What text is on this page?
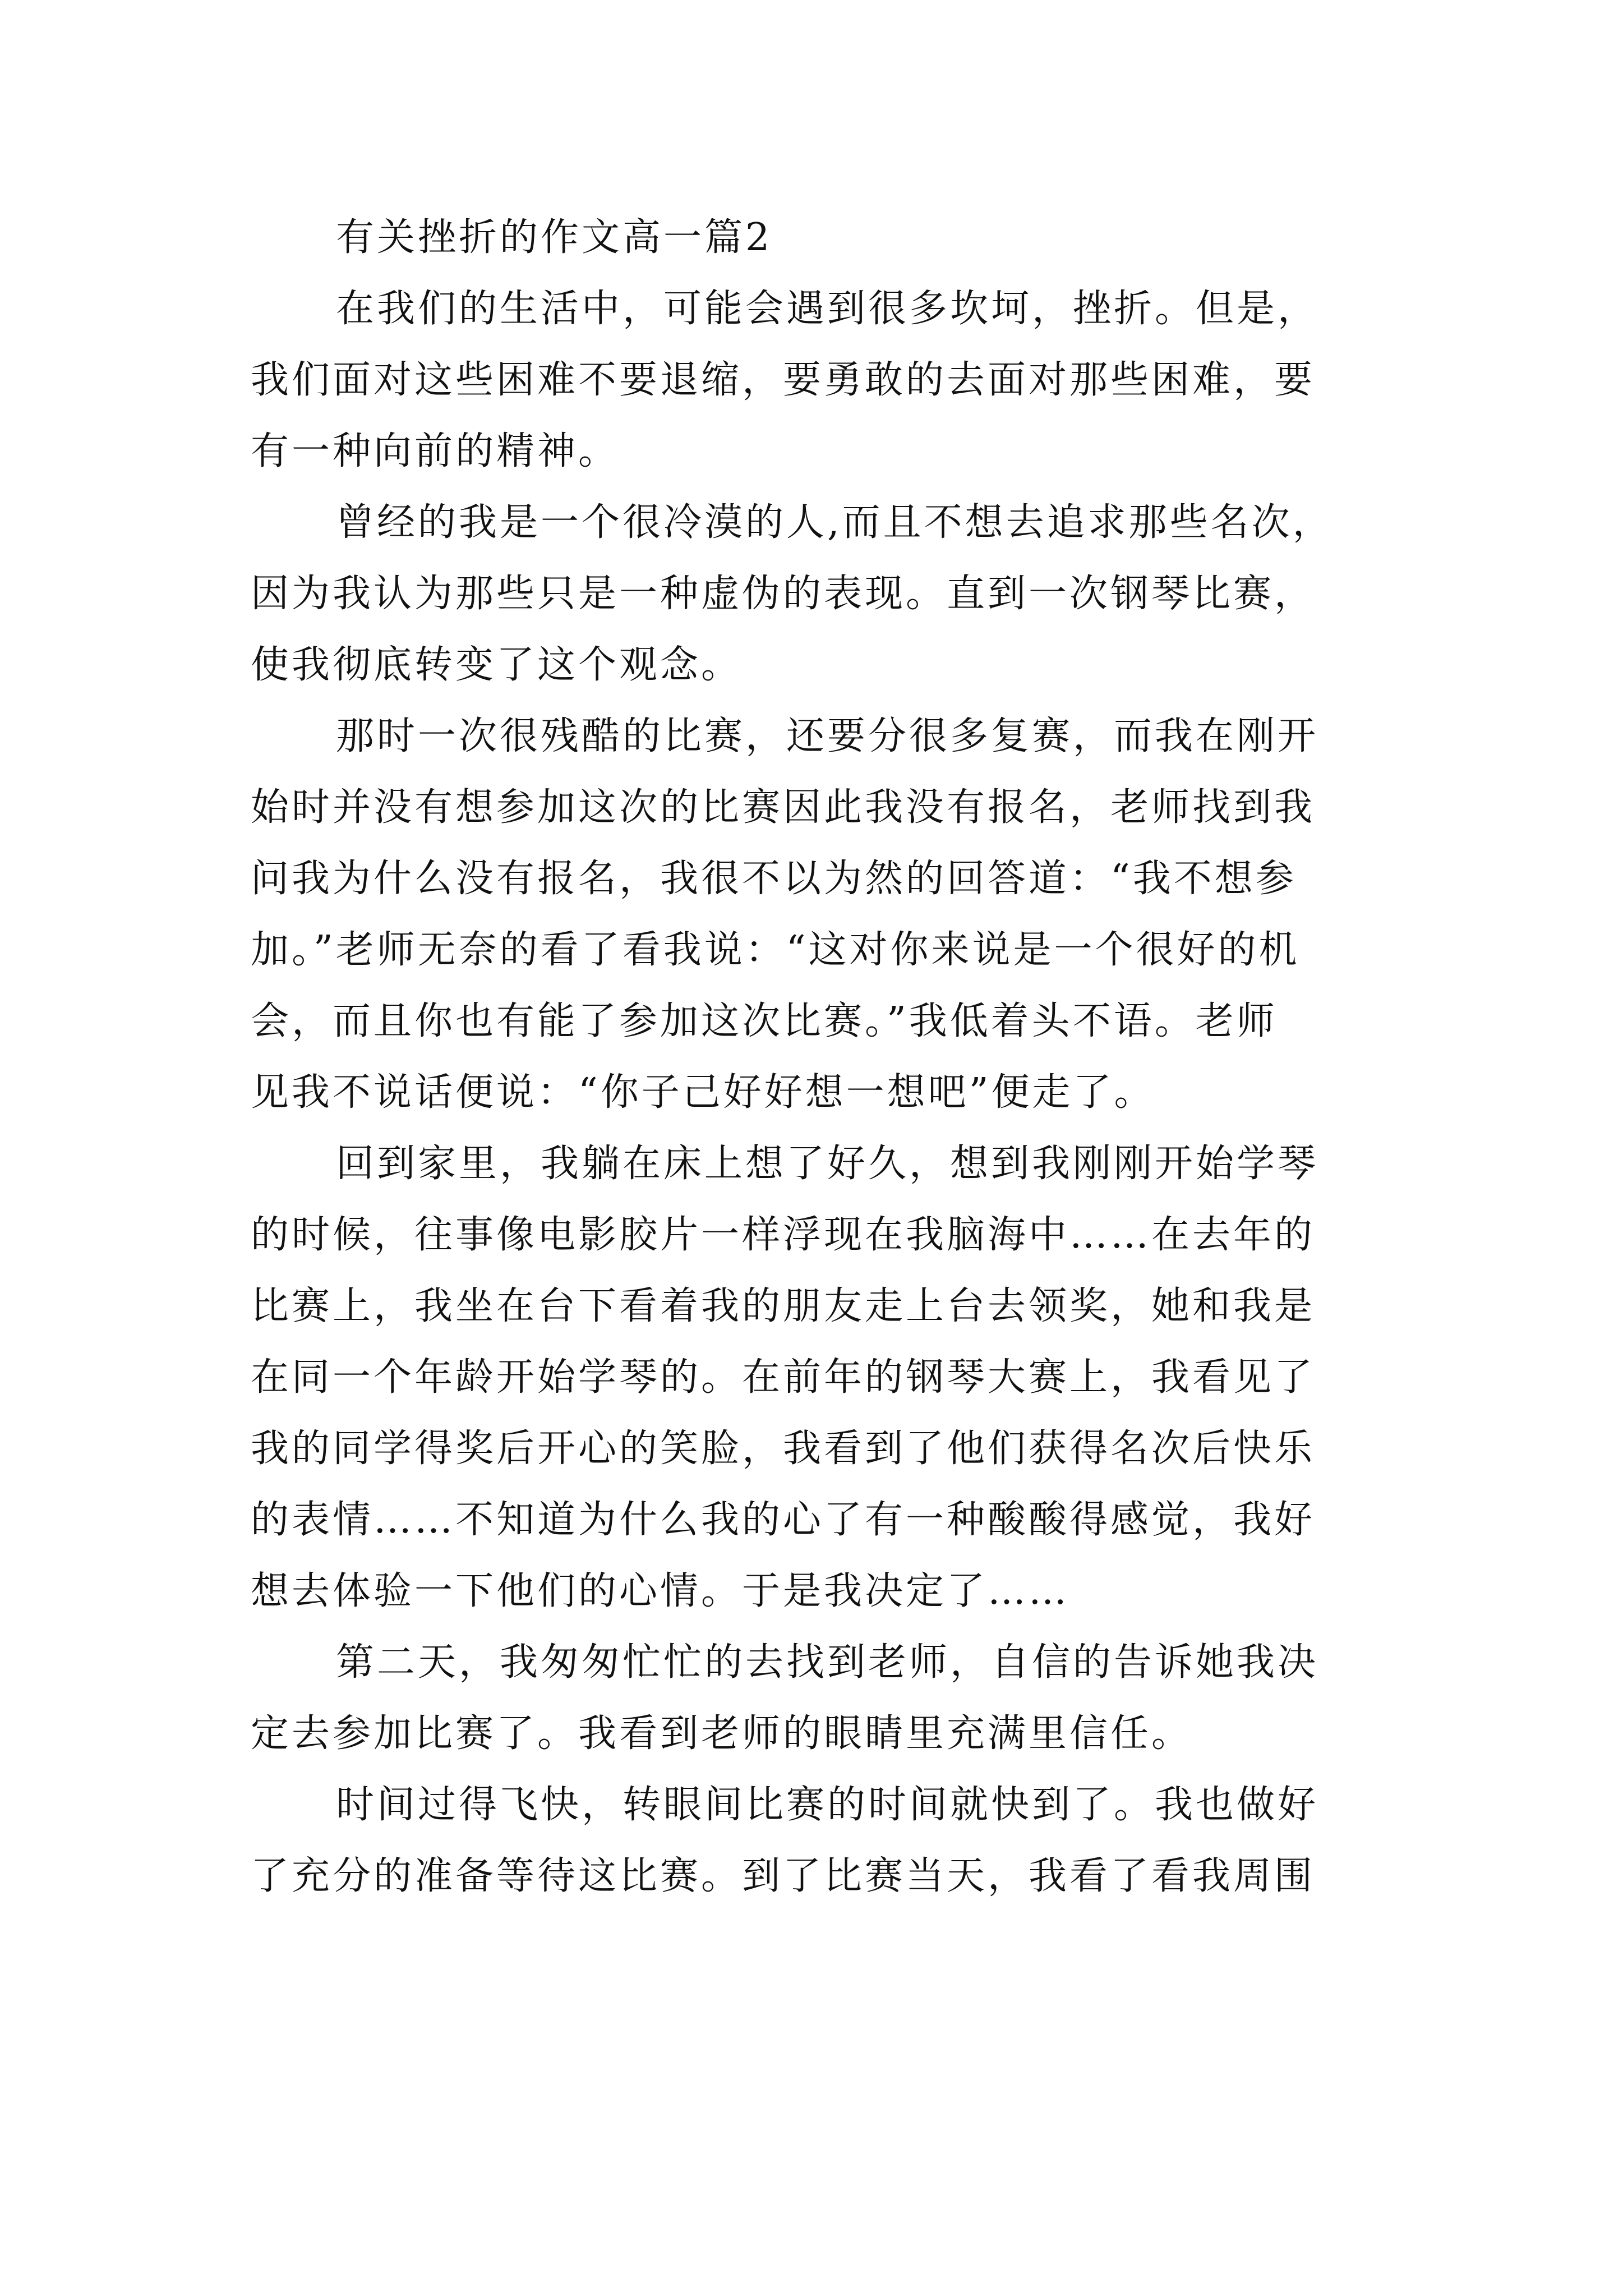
有关挫折的作文高一篇2
在我们的生活中，可能会遇到很多坎坷，挫折。但是，
我们面对这些困难不要退缩，要勇敢的去面对那些困难，要
有一种向前的精神。
曾经的我是一个很冷漠的人,而且不想去追求那些名次，
因为我认为那些只是一种虚伪的表现。直到一次钢琴比赛，
使我彻底转变了这个观念。
那时一次很残酷的比赛，还要分很多复赛，而我在刚开
始时并没有想参加这次的比赛因此我没有报名，老师找到我
问我为什么没有报名，我很不以为然的回答道：“我不想参
加。”老师无奈的看了看我说：“这对你来说是一个很好的机
会，而且你也有能了参加这次比赛。”我低着头不语。老师
见我不说话便说：“你子己好好想一想吧”便走了。
回到家里，我躺在床上想了好久，想到我刚刚开始学琴
的时候，往事像电影胶片一样浮现在我脑海中……在去年的
比赛上，我坐在台下看着我的朋友走上台去领奖，她和我是
在同一个年龄开始学琴的。在前年的钢琴大赛上，我看见了
我的同学得奖后开心的笑脸，我看到了他们获得名次后快乐
的表情……不知道为什么我的心了有一种酸酸得感觉，我好
想去体验一下他们的心情。于是我决定了……
第二天，我匆匆忙忙的去找到老师，自信的告诉她我决
定去参加比赛了。我看到老师的眼睛里充满里信任。
时间过得飞快，转眼间比赛的时间就快到了。我也做好
了充分的准备等待这比赛。到了比赛当天，我看了看我周围
